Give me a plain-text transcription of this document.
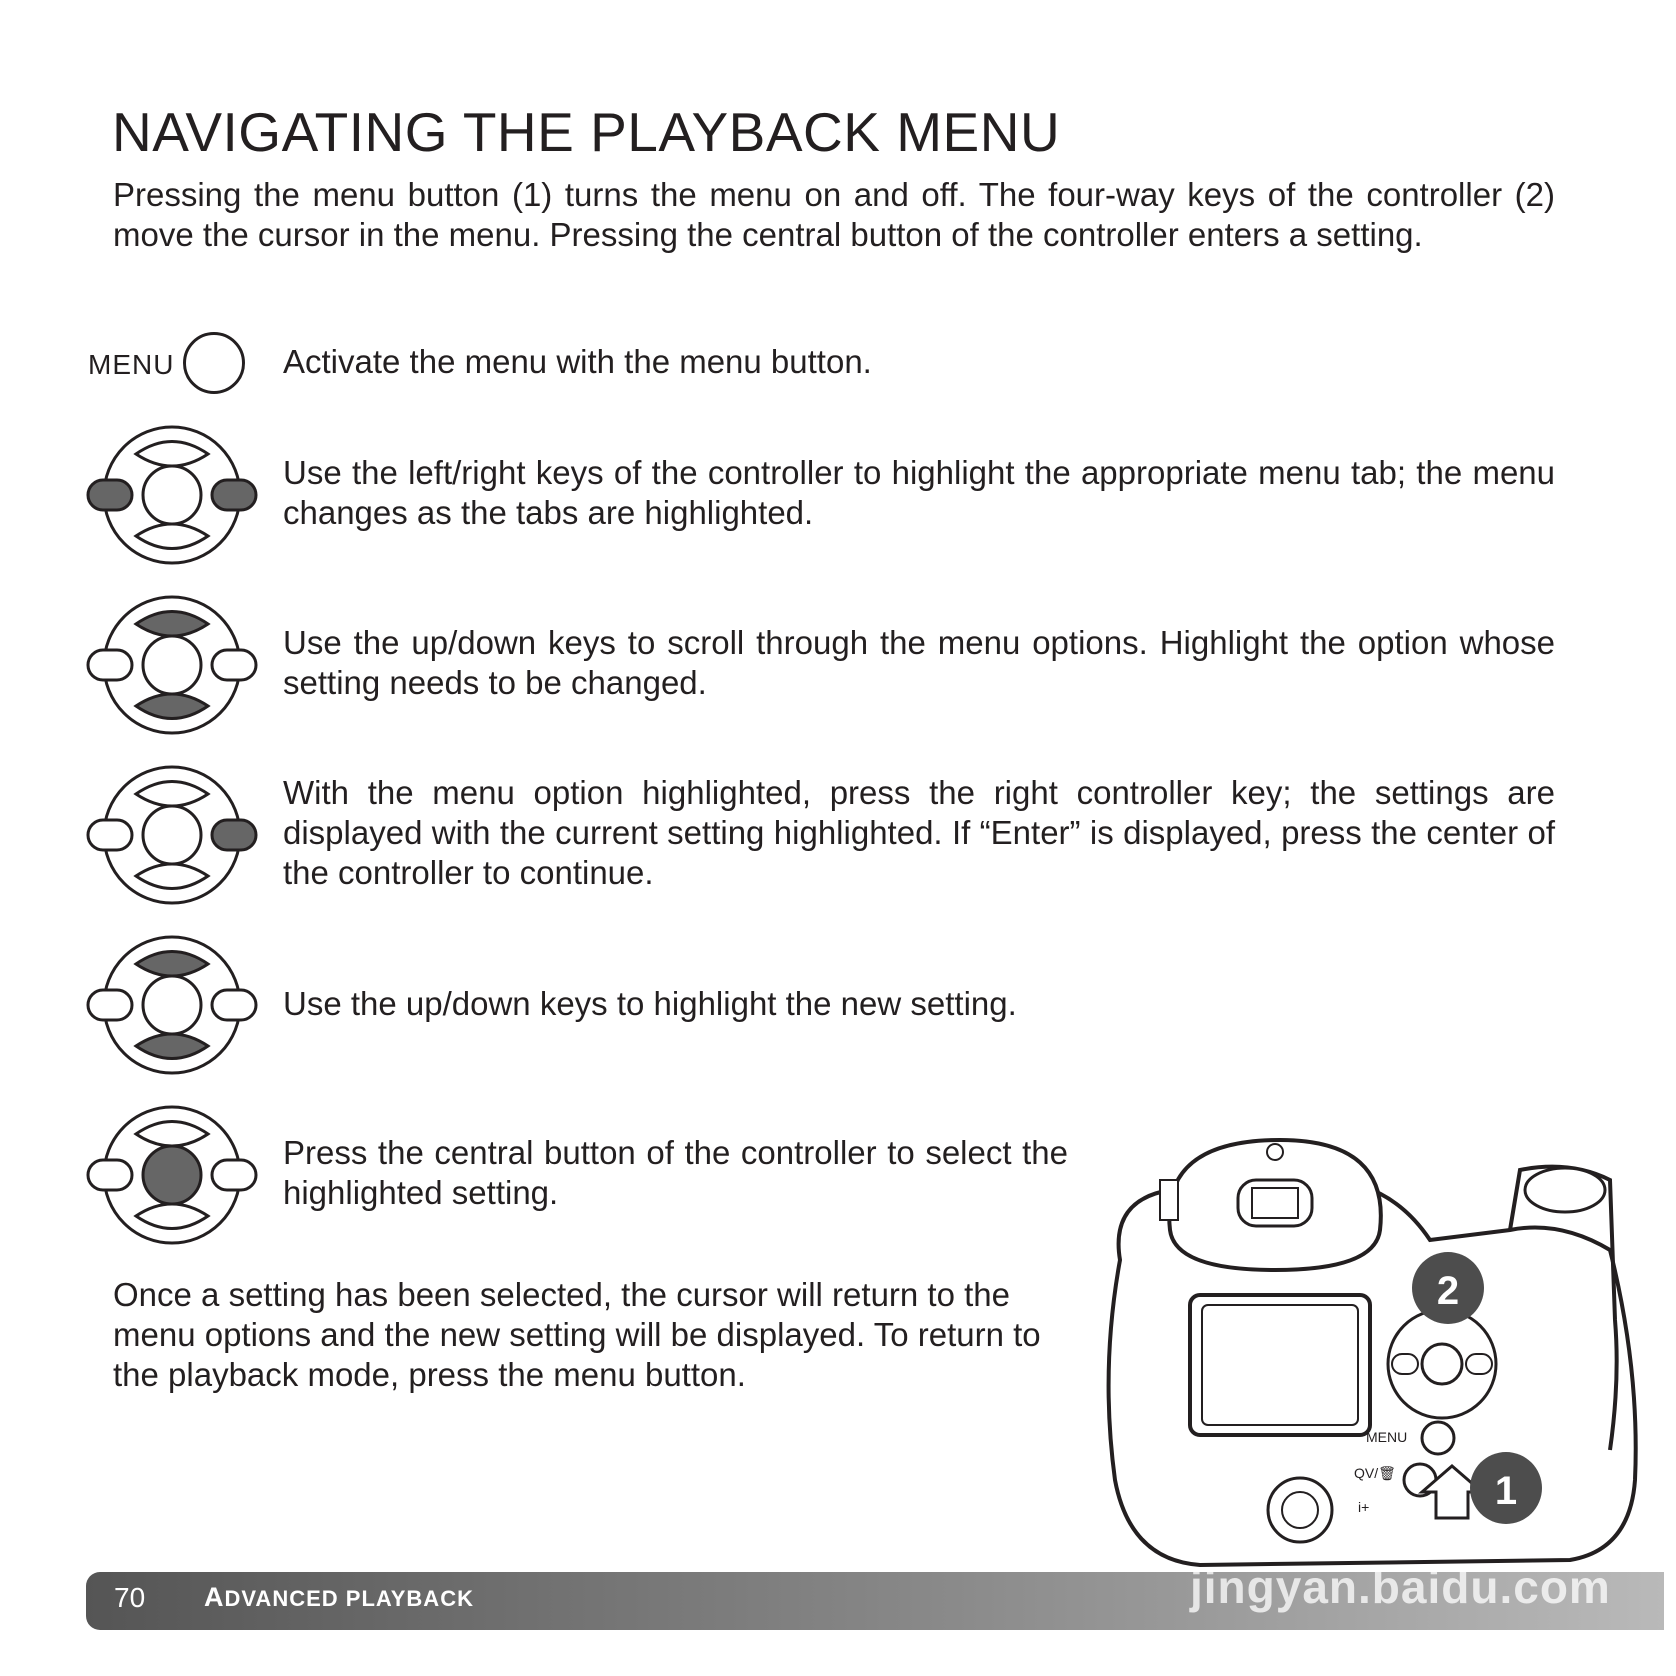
NAVIGATING THE PLAYBACK MENU

Pressing the menu button (1) turns the menu on and off. The four-way keys of the controller (2) move the cursor in the menu. Pressing the central button of the controller enters a setting.

MENU	Activate the menu with the menu button.

Use the left/right keys of the controller to highlight the appropriate menu tab; the menu changes as the tabs are highlighted.

Use the up/down keys to scroll through the menu options. Highlight the option whose setting needs to be changed.

With the menu option highlighted, press the right controller key; the settings are displayed with the current setting highlighted. If “Enter” is displayed, press the center of the controller to continue.

Use the up/down keys to highlight the new setting.

Press the central button of the controller to select the highlighted setting.

Once a setting has been selected, the cursor will return to the menu options and the new setting will be displayed. To return to the playback mode, press the menu button.

MENU
QV/🗑
i+
2
1
70 ADVANCED PLAYBACK	jingyan.baidu.com
